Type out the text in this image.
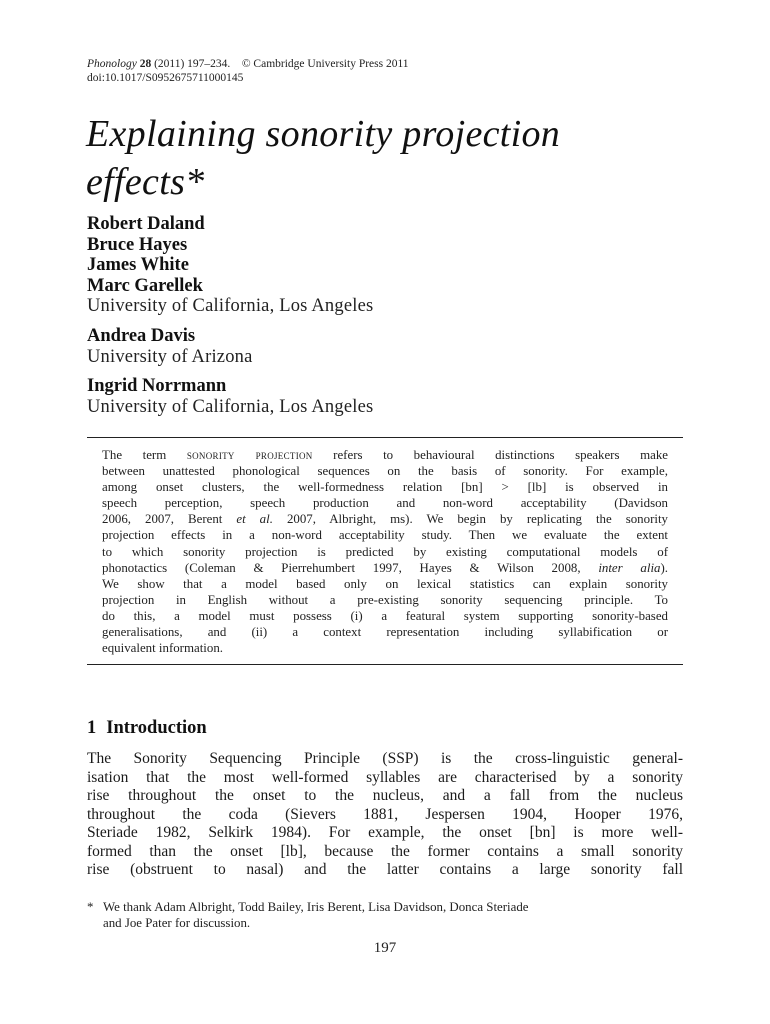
Phonology 28 (2011) 197–234. © Cambridge University Press 2011
doi:10.1017/S0952675711000145
Explaining sonority projection
effects*
Robert Daland
Bruce Hayes
James White
Marc Garellek
University of California, Los Angeles
Andrea Davis
University of Arizona
Ingrid Norrmann
University of California, Los Angeles
The term sonority projection refers to behavioural distinctions speakers make
between unattested phonological sequences on the basis of sonority. For example,
among onset clusters, the well-formedness relation [bn] > [lb] is observed in
speech perception, speech production and non-word acceptability (Davidson
2006, 2007, Berent et al. 2007, Albright, ms). We begin by replicating the sonority
projection effects in a non-word acceptability study. Then we evaluate the extent
to which sonority projection is predicted by existing computational models of
phonotactics (Coleman & Pierrehumbert 1997, Hayes & Wilson 2008, inter alia).
We show that a model based only on lexical statistics can explain sonority
projection in English without a pre-existing sonority sequencing principle. To
do this, a model must possess (i) a featural system supporting sonority-based
generalisations, and (ii) a context representation including syllabification or
equivalent information.
1 Introduction
The Sonority Sequencing Principle (SSP) is the cross-linguistic general-
isation that the most well-formed syllables are characterised by a sonority
rise throughout the onset to the nucleus, and a fall from the nucleus
throughout the coda (Sievers 1881, Jespersen 1904, Hooper 1976,
Steriade 1982, Selkirk 1984). For example, the onset [bn] is more well-
formed than the onset [lb], because the former contains a small sonority
rise (obstruent to nasal) and the latter contains a large sonority fall
* We thank Adam Albright, Todd Bailey, Iris Berent, Lisa Davidson, Donca Steriade
and Joe Pater for discussion.
197
